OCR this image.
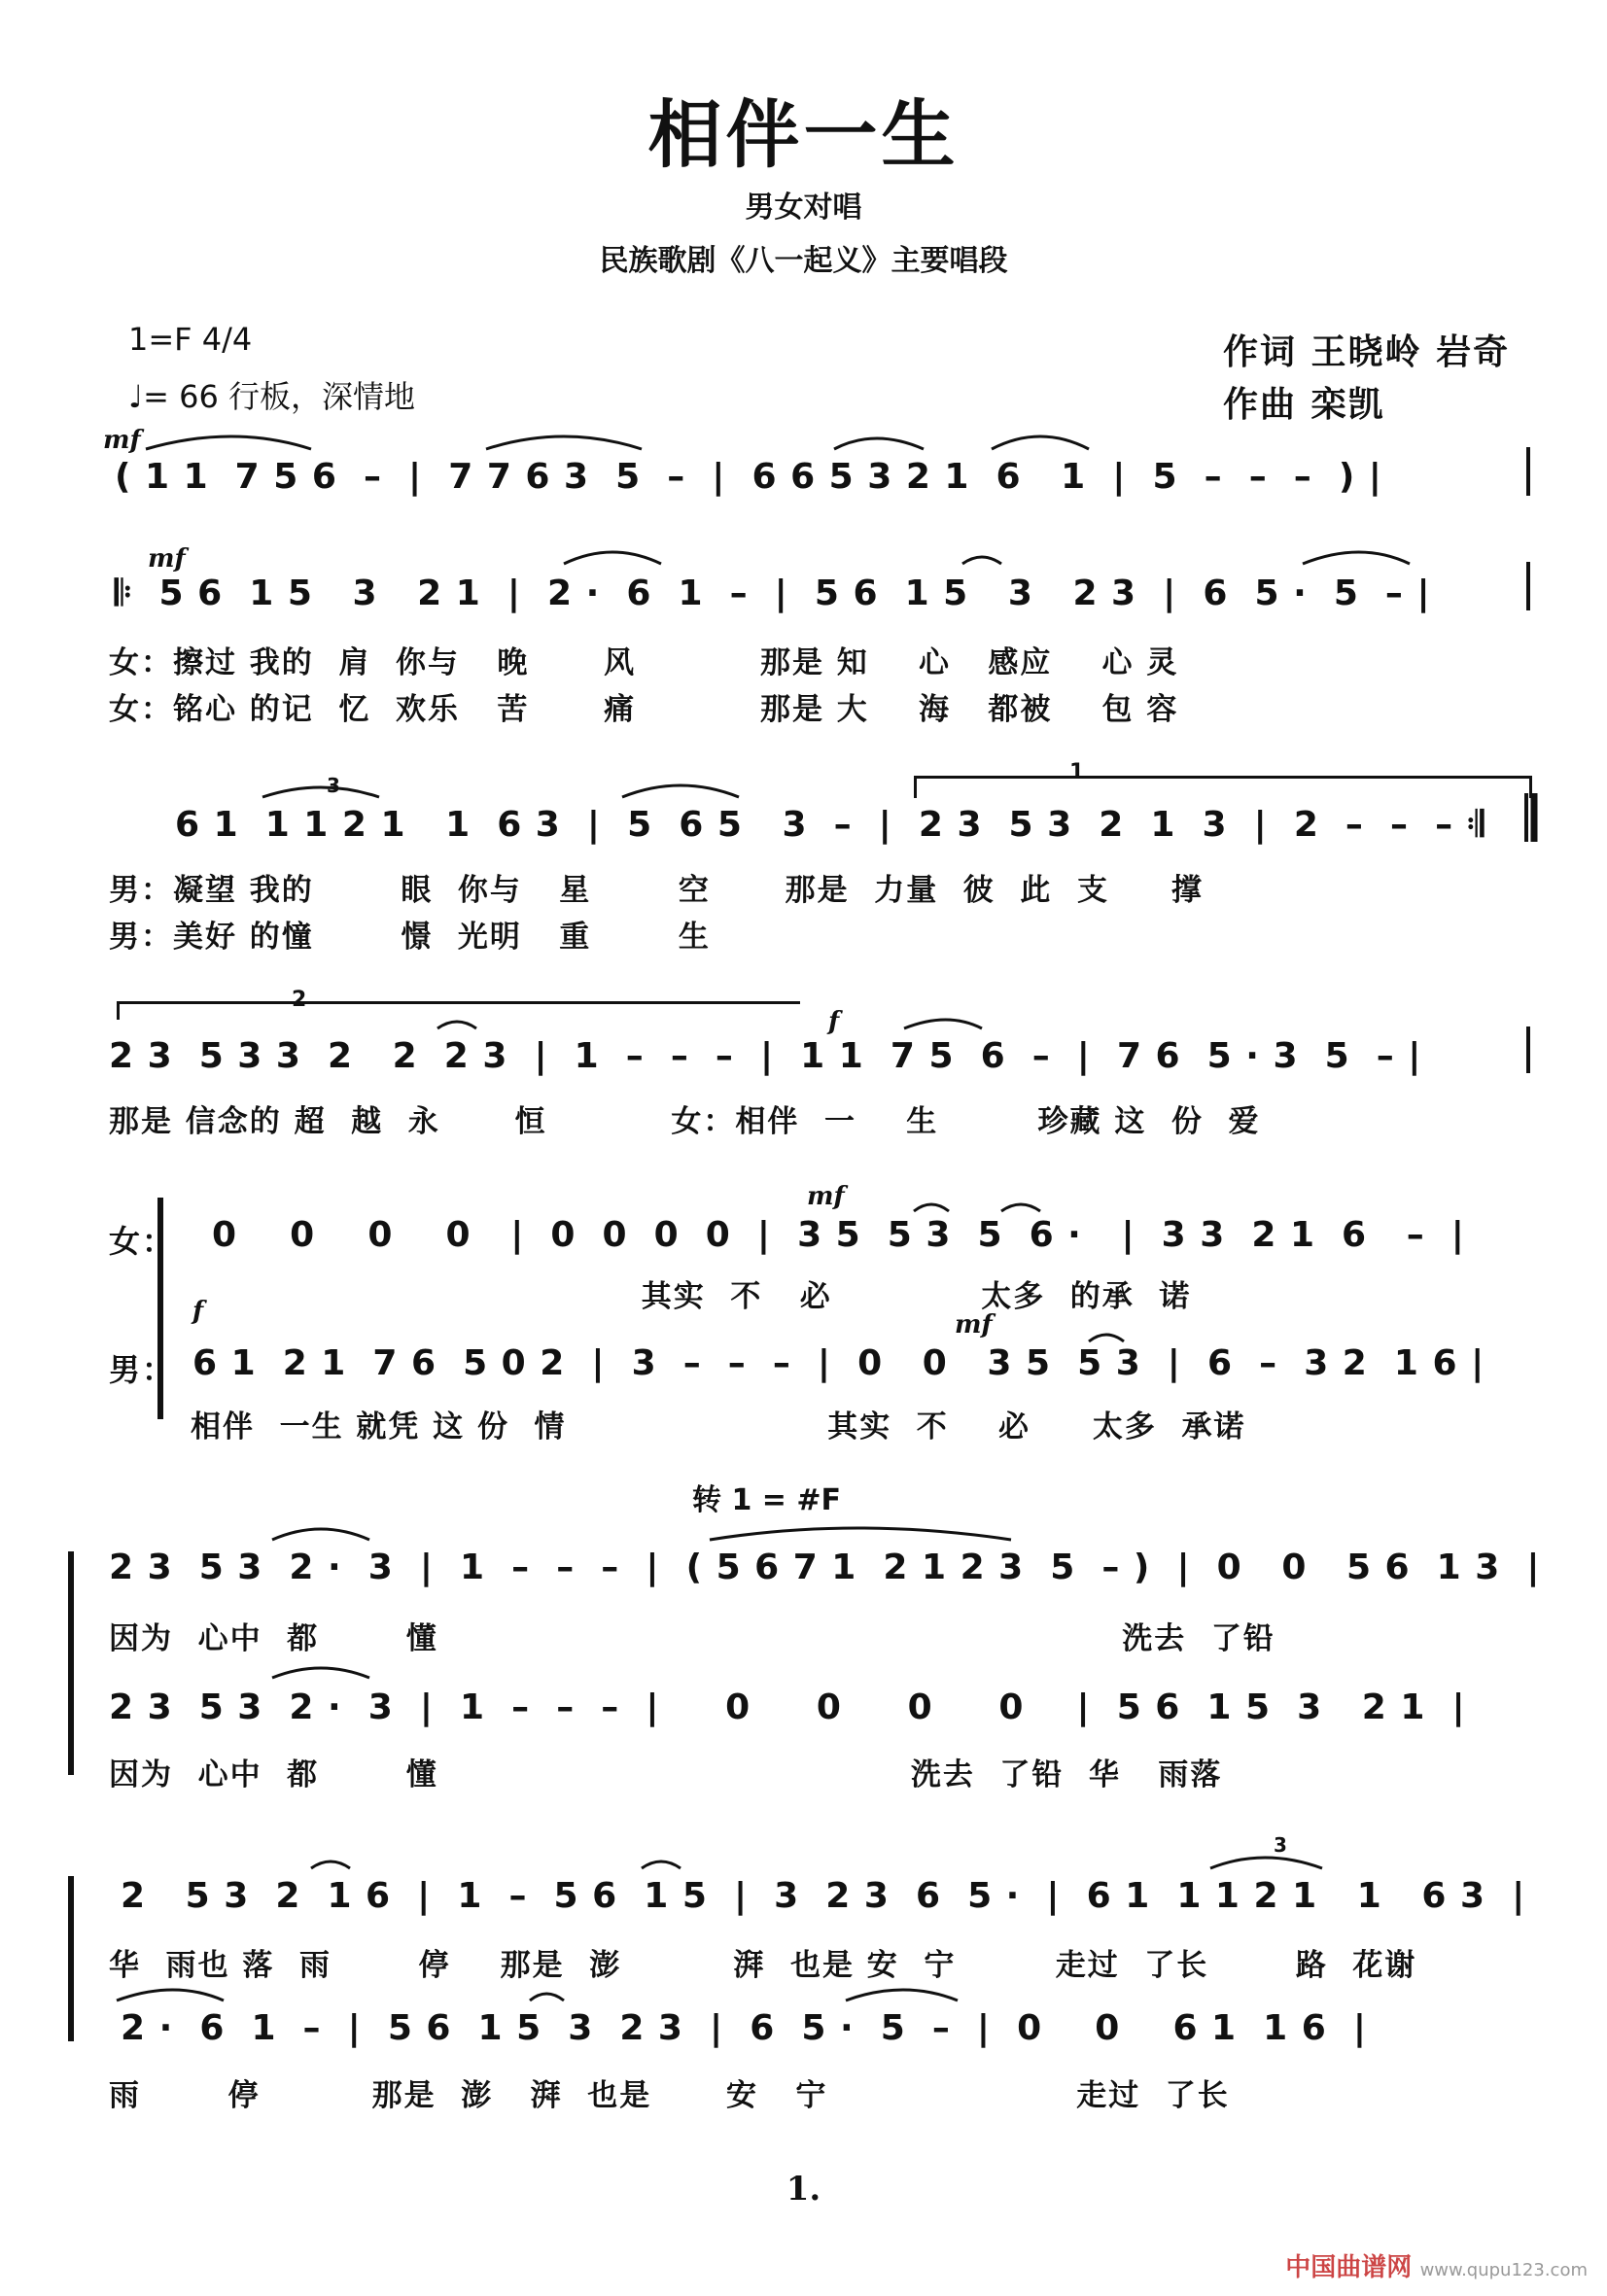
相伴一生
男女对唱
民族歌剧《八一起义》主要唱段
1=F 4/4
♩= 66 行板，深情地
作词 王晓岭 岩奇
作曲 栾凯
mf
( 1 1  7 5 6  –  |  7 7 6 3  5  –  |  6 6 5 3 2 1  6   1  |  5  –  –  –  ) |
mf
𝄆  5 6  1 5   3   2 1  |  2 ·  6  1  –  |  5 6  1 5   3   2 3  |  6  5 ·  5  – |
女：擦过 我的  肩  你与   晚      风          那是 知    心   感应    心 灵
女：铭心 的记  忆  欢乐   苦      痛          那是 大    海   都被    包 容
1
3
6 1  1 1 2 1   1  6 3  |  5  6 5   3  –  |  2 3  5 3  2  1  3  |  2  –  –  – 𝄇
男：凝望 我的       眼  你与   星       空      那是  力量  彼  此  支     撑
男：美好 的憧       憬  光明   重       生
2
f
2 3  5 3 3  2   2  2 3  |  1  –  –  –  |  1 1  7 5  6  –  |  7 6  5 · 3  5  – |
那是 信念的 超  越  永      恒          女：相伴  一    生        珍藏 这  份  爱
女：
mf
0    0    0    0   |  0  0  0  0  |  3 5  5 3  5  6 ·   |  3 3  2 1  6   –  |
其实  不   必            太多  的承  诺
f	mf
男： 6 1  2 1  7 6  5 0 2  |  3  –  –  –  |  0   0   3 5  5 3  |  6  –  3 2  1 6 |
相伴  一生 就凭 这 份  情                     其实  不    必     太多  承诺
转 1 = #F
2 3  5 3  2 ·  3  |  1  –  –  –  |  ( 5 6 7 1  2 1 2 3  5  – )  |  0   0   5 6  1 3  |
因为  心中  都       懂                                                       洗去  了铅
2 3  5 3  2 ·  3  |  1  –  –  –  |     0     0     0     0    |  5 6  1 5  3   2 1  |
因为  心中  都       懂                                      洗去  了铅  华   雨落
3
2   5 3  2  1 6  |  1  –  5 6  1 5  |  3  2 3  6  5 ·  |  6 1  1 1 2 1   1   6 3  |
华  雨也 落  雨       停    那是  澎         湃  也是 安  宁        走过  了长       路  花谢
2 ·  6  1  –  |  5 6  1 5  3  2 3  |  6  5 ·  5  –  |  0    0    6 1  1 6  |
雨       停         那是  澎   湃  也是      安   宁                    走过  了长
1.
中国曲谱网 www.qupu123.com
